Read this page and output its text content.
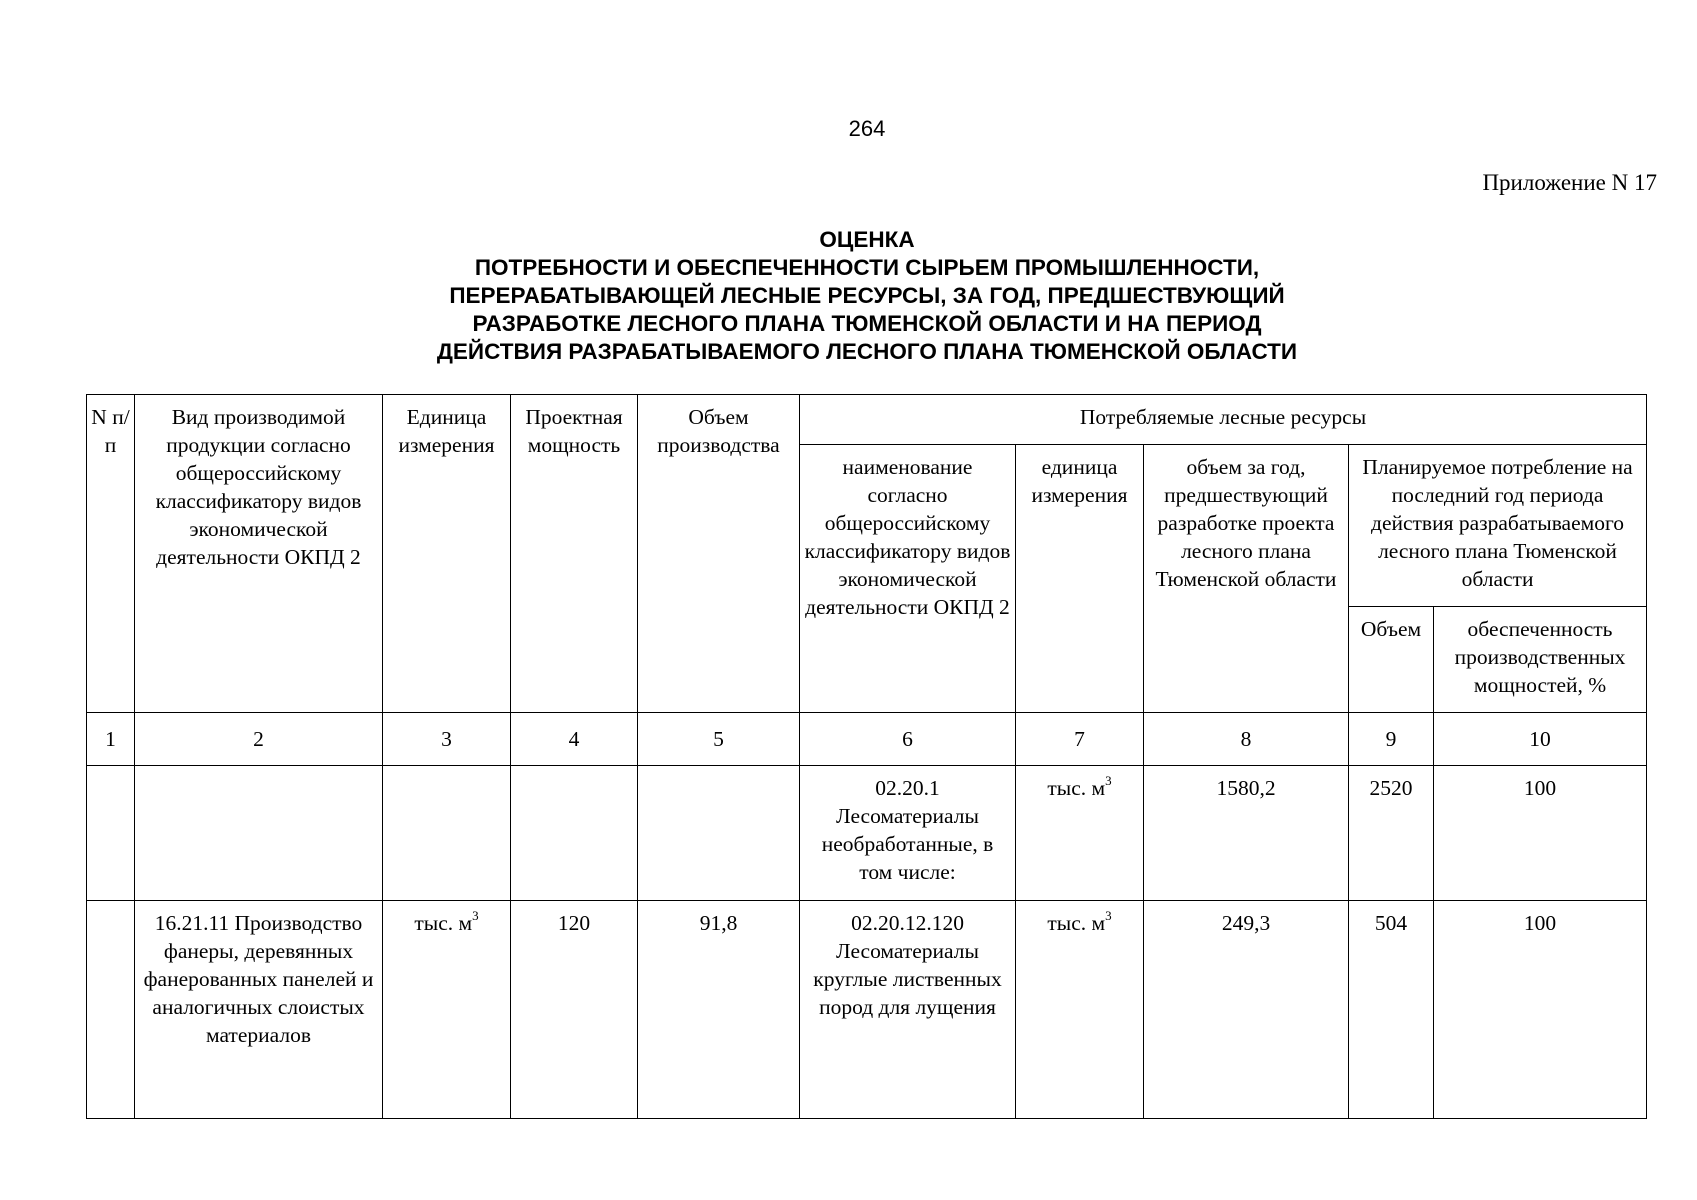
264
Приложение N 17
ОЦЕНКА
ПОТРЕБНОСТИ И ОБЕСПЕЧЕННОСТИ СЫРЬЕМ ПРОМЫШЛЕННОСТИ,
ПЕРЕРАБАТЫВАЮЩЕЙ ЛЕСНЫЕ РЕСУРСЫ, ЗА ГОД, ПРЕДШЕСТВУЮЩИЙ
РАЗРАБОТКЕ ЛЕСНОГО ПЛАНА ТЮМЕНСКОЙ ОБЛАСТИ И НА ПЕРИОД
ДЕЙСТВИЯ РАЗРАБАТЫВАЕМОГО ЛЕСНОГО ПЛАНА ТЮМЕНСКОЙ ОБЛАСТИ
N п/п	Вид производимой продукции согласно общероссийскому классификатору видов экономической деятельности ОКПД 2	Единица измерения	Проектная мощность	Объем производства	Потребляемые лесные ресурсы				
					наименование согласно общероссийскому классификатору видов экономической деятельности ОКПД 2	единица измерения	объем за год, предшествующий разработке проекта лесного плана Тюменской области	Планируемое потребление на последний год периода действия разрабатываемого лесного плана Тюменской области	
								Объем	обеспеченность производственных мощностей, %
1	2	3	4	5	6	7	8	9	10
					02.20.1 Лесоматериалы необработанные, в том числе:	тыс. $м^3$	1580,2	2520	100
	16.21.11 Производство фанеры, деревянных фанерованных панелей и аналогичных слоистых материалов	тыс. $м^3$	120	91,8	02.20.12.120 Лесоматериалы круглые лиственных пород для лущения	тыс. $м^3$	249,3	504	100
